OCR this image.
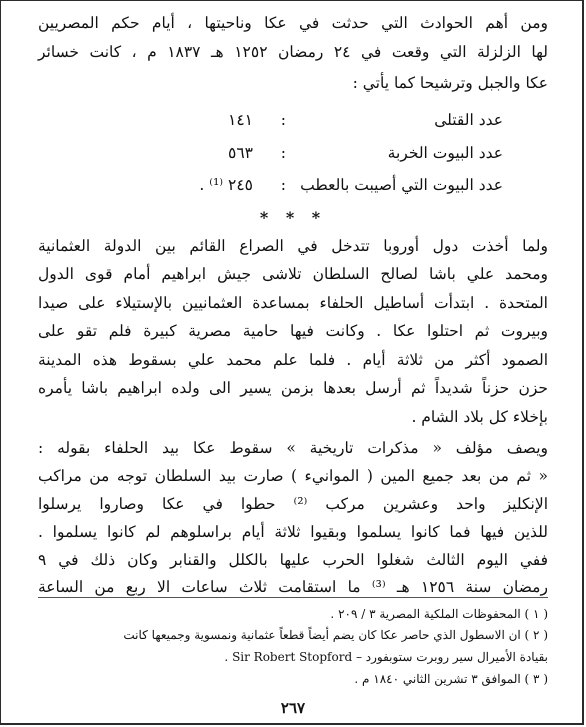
ومن أهم الحوادث التي حدثت في عكا وناحيتها ، أيام حكم المصريين
لها الزلزلة التي وقعت في ٢٤ رمضان ١٢٥٢ هـ ١٨٣٧ م ، كانت خسائر
عكا والجبل وترشيحا كما يأتي :
عدد القتلى
:
١٤١
عدد البيوت الخربة
:
٥٦٣
عدد البيوت التي أصيبت بالعطب
:
٢٤٥ ⁽¹⁾ .
* * *
ولما أخذت دول أوروبا تتدخل في الصراع القائم بين الدولة العثمانية
ومحمد علي باشا لصالح السلطان تلاشى جيش ابراهيم أمام قوى الدول
المتحدة . ابتدأت أساطيل الحلفاء بمساعدة العثمانيين بالإستيلاء على صيدا
وبيروت ثم احتلوا عكا . وكانت فيها حامية مصرية كبيرة فلم تقو على
الصمود أكثر من ثلاثة أيام . فلما علم محمد علي بسقوط هذه المدينة
حزن حزناً شديداً ثم أرسل بعدها بزمن يسير الى ولده ابراهيم باشا يأمره
بإخلاء كل بلاد الشام .
ويصف مؤلف « مذكرات تاريخية » سقوط عكا بيد الحلفاء بقوله :
« ثم من بعد جميع المين ( الموانيء ) صارت بيد السلطان توجه من مراكب
الإنكليز واحد وعشرين مركب ⁽²⁾ حطوا في عكا وصاروا يرسلوا
للذين فيها فما كانوا يسلموا وبقيوا ثلاثة أيام براسلوهم لم كانوا يسلموا .
ففي اليوم الثالث شغلوا الحرب عليها بالكلل والقنابر وكان ذلك في ٩
رمضان سنة ١٢٥٦ هـ ⁽³⁾ ما استقامت ثلاث ساعات الا ربع من الساعة
( ١ ) المحفوظات الملكية المصرية ٣ / ٢٠٩ .
( ٢ ) ان الاسطول الذي حاصر عكا كان يضم أيضاً قطعاً عثمانية ونمسوية وجميعها كانت
بقيادة الأميرال سير روبرت ستوبفورد – Sir Robert Stopford .
( ٣ ) الموافق ٣ تشرين الثاني ١٨٤٠ م .
٢٦٧
